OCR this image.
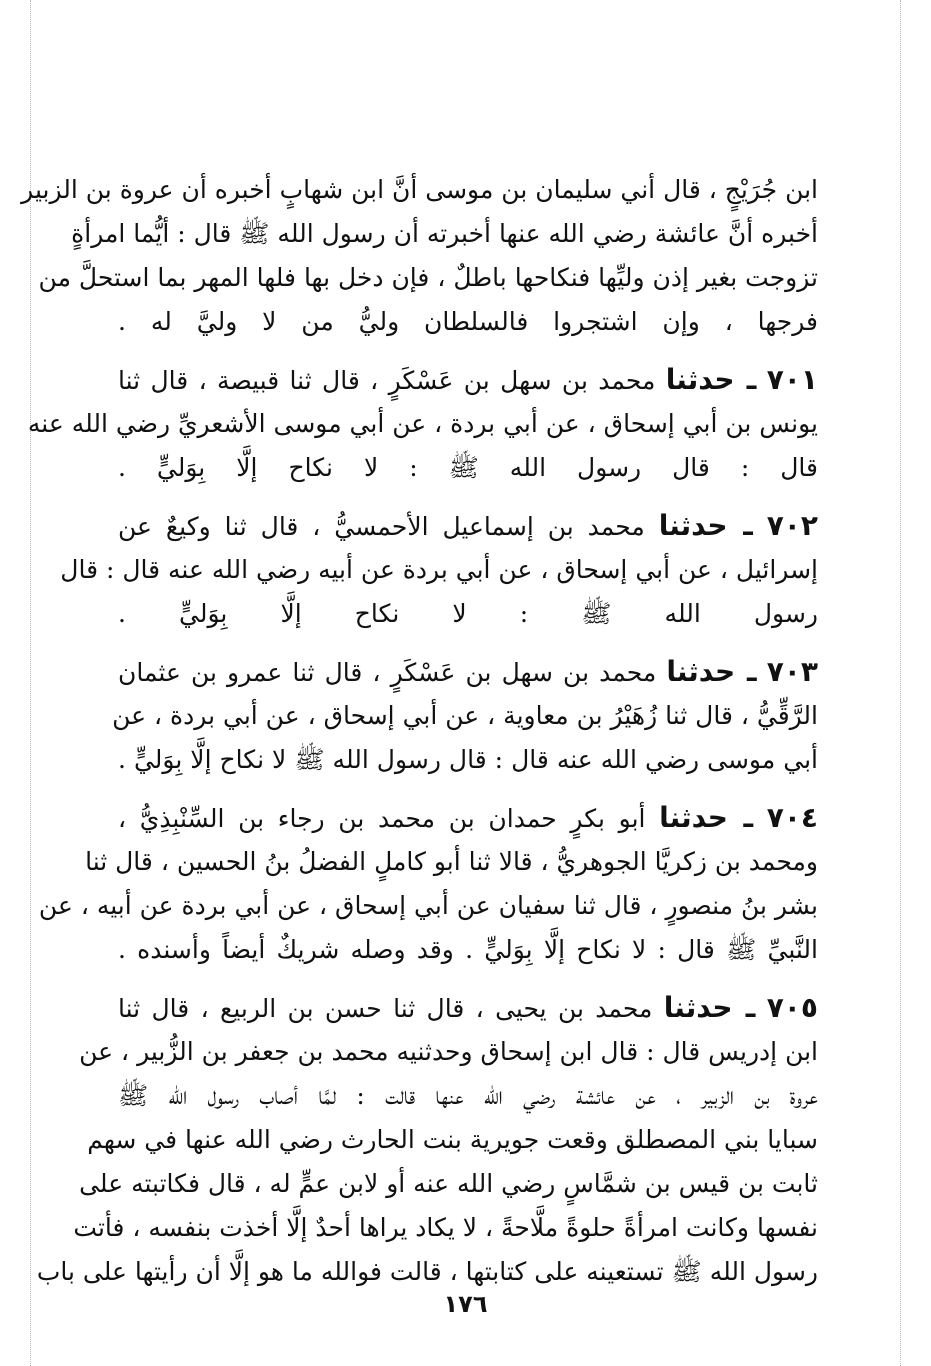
ابن جُرَيْجٍ ، قال أني سليمان بن موسى أنَّ ابن شهابٍ أخبره أن عروة بن الزبير
أخبره أنَّ عائشة رضي الله عنها أخبرته أن رسول الله ﷺ قال : أيُّما امرأةٍ
تزوجت بغير إذن وليِّها فنكاحها باطلٌ ، فإن دخل بها فلها المهر بما استحلَّ من
فرجها ، وإن اشتجروا فالسلطان وليُّ من لا وليَّ له .
٧٠١ ـ حدثنا محمد بن سهل بن عَسْكَرٍ ، قال ثنا قبيصة ، قال ثنا
يونس بن أبي إسحاق ، عن أبي بردة ، عن أبي موسى الأشعريِّ رضي الله عنه
قال : قال رسول الله ﷺ : لا نكاح إلَّا بِوَليٍّ .
٧٠٢ ـ حدثنا محمد بن إسماعيل الأحمسيُّ ، قال ثنا وكيعٌ عن
إسرائيل ، عن أبي إسحاق ، عن أبي بردة عن أبيه رضي الله عنه قال : قال
رسول الله ﷺ : لا نكاح إلَّا بِوَليٍّ .
٧٠٣ ـ حدثنا محمد بن سهل بن عَسْكَرٍ ، قال ثنا عمرو بن عثمان
الرَّقِّيُّ ، قال ثنا زُهَيْرُ بن معاوية ، عن أبي إسحاق ، عن أبي بردة ، عن
أبي موسى رضي الله عنه قال : قال رسول الله ﷺ لا نكاح إلَّا بِوَليٍّ .
٧٠٤ ـ حدثنا أبو بكرٍ حمدان بن محمد بن رجاء بن السِّنْبِذِيُّ ،
ومحمد بن زكريَّا الجوهريُّ ، قالا ثنا أبو كاملٍ الفضلُ بنُ الحسين ، قال ثنا
بشر بنُ منصورٍ ، قال ثنا سفيان عن أبي إسحاق ، عن أبي بردة عن أبيه ، عن
النَّبيِّ ﷺ قال : لا نكاح إلَّا بِوَليٍّ . وقد وصله شريكٌ أيضاً وأسنده .
٧٠٥ ـ حدثنا محمد بن يحيى ، قال ثنا حسن بن الربيع ، قال ثنا
ابن إدريس قال : قال ابن إسحاق وحدثنيه محمد بن جعفر بن الزُّبير ، عن
عروة بن الزبير ، عن عائشة رضي الله عنها قالت : لمَّا أصاب رسول الله ﷺ
سبايا بني المصطلق وقعت جويرية بنت الحارث رضي الله عنها في سهم
ثابت بن قيس بن شمَّاسٍ رضي الله عنه أو لابن عمٍّ له ، قال فكاتبته على
نفسها وكانت امرأةً حلوةً ملَّاحةً ، لا يكاد يراها أحدٌ إلَّا أخذت بنفسه ، فأتت
رسول الله ﷺ تستعينه على كتابتها ، قالت فوالله ما هو إلَّا أن رأيتها على باب
١٧٦
